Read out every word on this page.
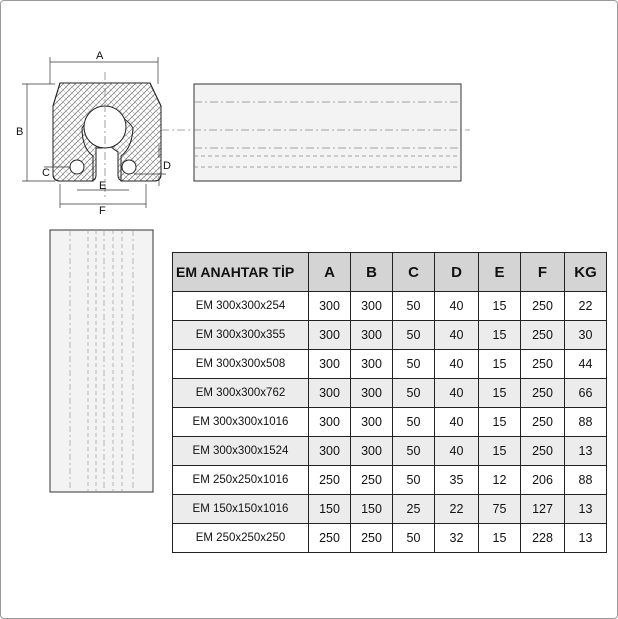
A
B
C
D
E
F
EM ANAHTAR TİP	A	B	C	D	E	F	KG
EM 300x300x254	300	300	50	40	15	250	22
EM 300x300x355	300	300	50	40	15	250	30
EM 300x300x508	300	300	50	40	15	250	44
EM 300x300x762	300	300	50	40	15	250	66
EM 300x300x1016	300	300	50	40	15	250	88
EM 300x300x1524	300	300	50	40	15	250	13
EM 250x250x1016	250	250	50	35	12	206	88
EM 150x150x1016	150	150	25	22	75	127	13
EM 250x250x250	250	250	50	32	15	228	13
